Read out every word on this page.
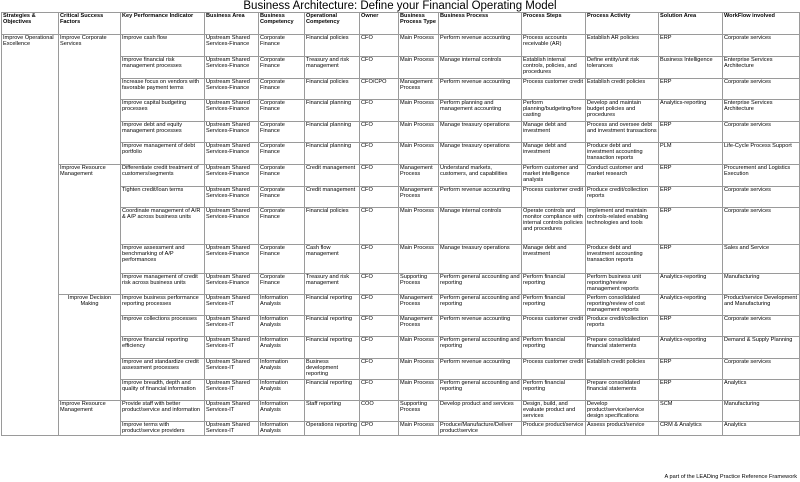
Business Architecture: Define your Financial Operating Model
Strategies & Objectives	Critical Success Factors	Key Performance Indicator	Business Area	Business Competency	Operational Competency	Owner	Business Process Type	Business Process	Process Steps	Process Activity	Solution Area	WorkFlow involved
Improve Operational Excellence	Improve Corporate Services	Improve cash flow	Upstream Shared Services-Finance	Corporate Finance	Financial policies	CFO	Main Process	Perform revenue accounting	Process accounts receivable (AR)	Establish AR policies	ERP	Corporate services
		Improve financial risk management processes	Upstream Shared Services-Finance	Corporate Finance	Treasury and risk management	CFO	Main Process	Manage internal controls	Establish internal controls, policies, and procedures	Define entity/unit risk tolerances	Business Intelligence	Enterprise Services Architecture
		Increase focus on vendors with favorable payment terms	Upstream Shared Services-Finance	Corporate Finance	Financial policies	CFO/CPO	Management Process	Perform revenue accounting	Process customer credit	Establish credit policies	ERP	Corporate services
		Improve capital budgeting processes	Upstream Shared Services-Finance	Corporate Finance	Financial planning	CFO	Main Process	Perform planning and management accounting	Perform planning/budgeting/forecasting	Develop and maintain budget policies and procedures	Analytics-reporting	Enterprise Services Architecture
		Improve debt and equity management processes	Upstream Shared Services-Finance	Corporate Finance	Financial planning	CFO	Main Process	Manage treasury operations	Manage debt and investment	Process and oversee debt and investment transactions	ERP	Corporate services
		Improve management of debt portfolio	Upstream Shared Services-Finance	Corporate Finance	Financial planning	CFO	Main Process	Manage treasury operations	Manage debt and investment	Produce debt and investment accounting transaction reports	PLM	Life-Cycle Process Support
	Improve Resource Management	Differentiate credit treatment of customers/segments	Upstream Shared Services-Finance	Corporate Finance	Credit management	CFO	Management Process	Understand markets, customers, and capabilities	Perform customer and market intelligence analysis	Conduct customer and market research	ERP	Procurement and Logistics Execution
		Tighten credit/loan terms	Upstream Shared Services-Finance	Corporate Finance	Credit management	CFO	Management Process	Perform revenue accounting	Process customer credit	Produce credit/collection reports	ERP	Corporate services
		Coordinate management of A/R & A/P across business units	Upstream Shared Services-Finance	Corporate Finance	Financial policies	CFO	Main Process	Manage internal controls	Operate controls and monitor compliance with internal controls policies and procedures	Implement and maintain controls-related enabling technologies and tools	ERP	Corporate services
		Improve assessment and benchmarking of A/P performances	Upstream Shared Services-Finance	Corporate Finance	Cash flow management	CFO	Main Process	Manage treasury operations	Manage debt and investment	Produce debt and investment accounting transaction reports	ERP	Sales and Service
		Improve management of credit risk across business units	Upstream Shared Services-Finance	Corporate Finance	Treasury and risk management	CFO	Supporting Process	Perform general accounting and reporting	Perform financial reporting	Perform business unit reporting/review management reports	Analytics-reporting	Manufacturing
	Improve Decision Making	Improve business performance reporting processes	Upstream Shared Services-IT	Information Analysis	Financial reporting	CFO	Management Process	Perform general accounting and reporting	Perform financial reporting	Perform consolidated reporting/review of cost management reports	Analytics-reporting	Product/service Development and Manufacturing
		Improve collections processes	Upstream Shared Services-IT	Information Analysis	Financial reporting	CFO	Management Process	Perform revenue accounting	Process customer credit	Produce credit/collection reports	ERP	Corporate services
		Improve financial reporting efficiency	Upstream Shared Services-IT	Information Analysis	Financial reporting	CFO	Main Process	Perform general accounting and reporting	Perform financial reporting	Prepare consolidated financial statements	Analytics-reporting	Demand & Supply Planning
		Improve and standardize credit assessment processes	Upstream Shared Services-IT	Information Analysis	Business development reporting	CFO	Main Process	Perform revenue accounting	Process customer credit	Establish credit policies	ERP	Corporate services
		Improve breadth, depth and quality of financial information	Upstream Shared Services-IT	Information Analysis	Financial reporting	CFO	Main Process	Perform general accounting and reporting	Perform financial reporting	Prepare consolidated financial statements	ERP	Analytics
	Improve Resource Management	Provide staff with better product/service and information	Upstream Shared Services-IT	Information Analysis	Staff reporting	COO	Supporting Process	Develop product and services	Design, build, and evaluate product and services	Develop product/service/service design specifications	SCM	Manufacturing
		Improve terms with product/service providers	Upstream Shared Services-IT	Information Analysis	Operations reporting	CPO	Main Process	Produce/Manufacture/Deliver product/service	Produce product/service	Assess product/service	CRM & Analytics	Analytics
A part of the LEADing Practice Reference Framework
